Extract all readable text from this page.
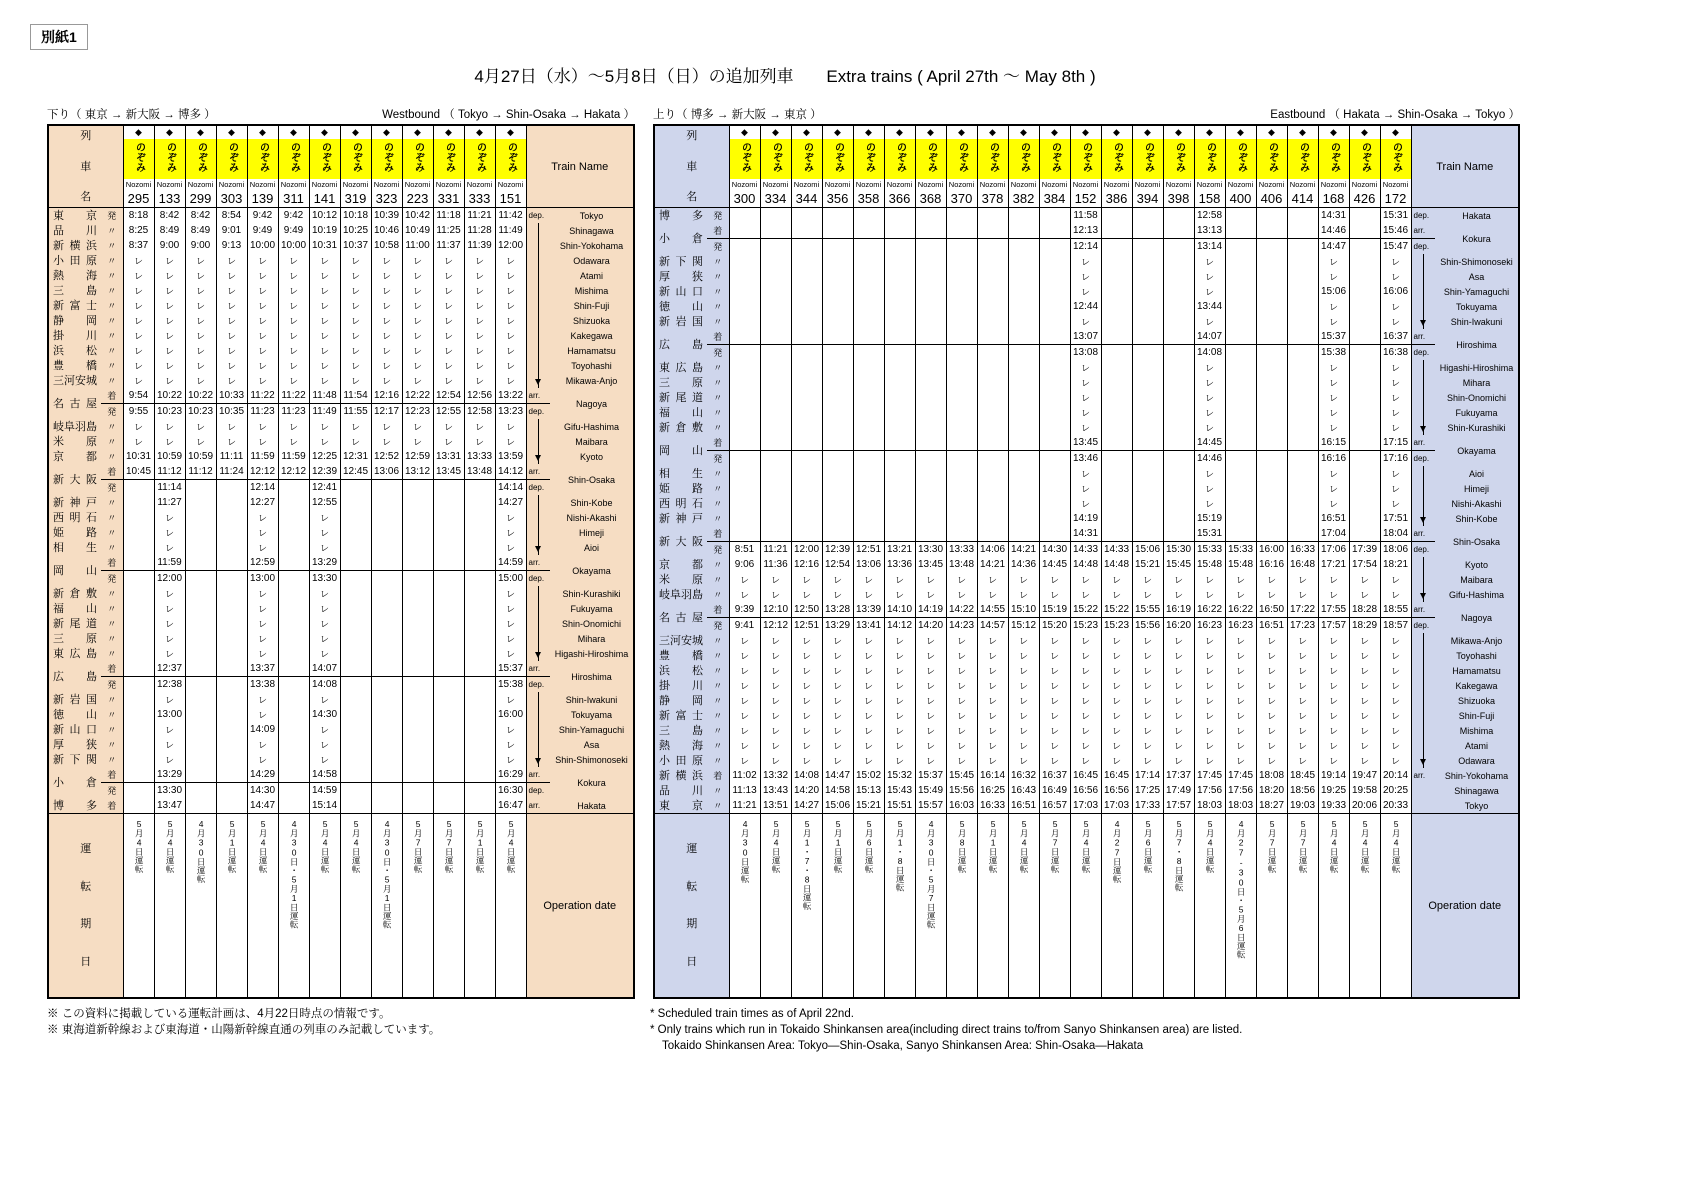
別紙1
4月27日（水）～5月8日（日）の追加列車 Extra trains ( April 27th ～ May 8th )
下り（ 東京 → 新大阪 → 博多 ）	Westbound （ Tokyo → Shin-Osaka → Hakata ）
列
車
名		◆	◆	◆	◆	◆	◆	◆	◆	◆	◆	◆	◆	◆	Train Name	
		のぞみ	のぞみ	のぞみ	のぞみ	のぞみ	のぞみ	のぞみ	のぞみ	のぞみ	のぞみ	のぞみ	のぞみ	のぞみ		
		Nozomi	Nozomi	Nozomi	Nozomi	Nozomi	Nozomi	Nozomi	Nozomi	Nozomi	Nozomi	Nozomi	Nozomi	Nozomi		
		295	133	299	303	139	311	141	319	323	223	331	333	151		

東 京	発	8:18	8:42	8:42	8:54	9:42	9:42	10:12	10:18	10:39	10:42	11:18	11:21	11:42	dep.	Tokyo

品 川	〃	8:25	8:49	8:49	9:01	9:49	9:49	10:19	10:25	10:46	10:49	11:25	11:28	11:49		Shinagawa

新 横 浜	〃	8:37	9:00	9:00	9:13	10:00	10:00	10:31	10:37	10:58	11:00	11:37	11:39	12:00		Shin-Yokohama

小 田 原	〃	レ	レ	レ	レ	レ	レ	レ	レ	レ	レ	レ	レ	レ		Odawara

熱 海	〃	レ	レ	レ	レ	レ	レ	レ	レ	レ	レ	レ	レ	レ		Atami

三 島	〃	レ	レ	レ	レ	レ	レ	レ	レ	レ	レ	レ	レ	レ		Mishima

新 富 士	〃	レ	レ	レ	レ	レ	レ	レ	レ	レ	レ	レ	レ	レ		Shin-Fuji

静 岡	〃	レ	レ	レ	レ	レ	レ	レ	レ	レ	レ	レ	レ	レ		Shizuoka

掛 川	〃	レ	レ	レ	レ	レ	レ	レ	レ	レ	レ	レ	レ	レ		Kakegawa

浜 松	〃	レ	レ	レ	レ	レ	レ	レ	レ	レ	レ	レ	レ	レ		Hamamatsu

豊 橋	〃	レ	レ	レ	レ	レ	レ	レ	レ	レ	レ	レ	レ	レ		Toyohashi

三 河 安 城	〃	レ	レ	レ	レ	レ	レ	レ	レ	レ	レ	レ	レ	レ		Mikawa-Anjo

名 古 屋	着	9:54	10:22	10:22	10:33	11:22	11:22	11:48	11:54	12:16	12:22	12:54	12:56	13:22	arr.	Nagoya
	発	9:55	10:23	10:23	10:35	11:23	11:23	11:49	11:55	12:17	12:23	12:55	12:58	13:23	dep.	

岐 阜 羽 島	〃	レ	レ	レ	レ	レ	レ	レ	レ	レ	レ	レ	レ	レ		Gifu-Hashima

米 原	〃	レ	レ	レ	レ	レ	レ	レ	レ	レ	レ	レ	レ	レ		Maibara

京 都	〃	10:31	10:59	10:59	11:11	11:59	11:59	12:25	12:31	12:52	12:59	13:31	13:33	13:59		Kyoto

新 大 阪	着	10:45	11:12	11:12	11:24	12:12	12:12	12:39	12:45	13:06	13:12	13:45	13:48	14:12	arr.	Shin-Osaka
	発		11:14			12:14		12:41						14:14	dep.	

新 神 戸	〃		11:27			12:27		12:55						14:27		Shin-Kobe

西 明 石	〃		レ			レ		レ						レ		Nishi-Akashi

姫 路	〃		レ			レ		レ						レ		Himeji

相 生	〃		レ			レ		レ						レ		Aioi

岡 山	着		11:59			12:59		13:29						14:59	arr.	Okayama
	発		12:00			13:00		13:30						15:00	dep.	

新 倉 敷	〃		レ			レ		レ						レ		Shin-Kurashiki

福 山	〃		レ			レ		レ						レ		Fukuyama

新 尾 道	〃		レ			レ		レ						レ		Shin-Onomichi

三 原	〃		レ			レ		レ						レ		Mihara

東 広 島	〃		レ			レ		レ						レ		Higashi-Hiroshima

広 島	着		12:37			13:37		14:07						15:37	arr.	Hiroshima
	発		12:38			13:38		14:08						15:38	dep.	

新 岩 国	〃		レ			レ		レ						レ		Shin-Iwakuni

徳 山	〃		13:00			レ		14:30						16:00		Tokuyama

新 山 口	〃		レ			14:09		レ						レ		Shin-Yamaguchi

厚 狭	〃		レ			レ		レ						レ		Asa

新 下 関	〃		レ			レ		レ						レ		Shin-Shimonoseki

小 倉	着		13:29			14:29		14:58						16:29	arr.	Kokura
	発		13:30			14:30		14:59						16:30	dep.	

博 多	着		13:47			14:47		15:14						16:47	arr.	Hakata

運
転
期
日		5月4日運転	5月4日運転	4月30日運転	5月1日運転	5月4日運転	4月30日・5月1日運転	5月4日運転	5月4日運転	4月30日・5月1日運転	5月7日運転	5月7日運転	5月1日運転	5月4日運転	Operation date	
上り（ 博多 → 新大阪 → 東京 ）	Eastbound （ Hakata → Shin-Osaka → Tokyo ）
列
車
名		◆	◆	◆	◆	◆	◆	◆	◆	◆	◆	◆	◆	◆	◆	◆	◆	◆	◆	◆	◆	◆	◆	Train Name	
		のぞみ	のぞみ	のぞみ	のぞみ	のぞみ	のぞみ	のぞみ	のぞみ	のぞみ	のぞみ	のぞみ	のぞみ	のぞみ	のぞみ	のぞみ	のぞみ	のぞみ	のぞみ	のぞみ	のぞみ	のぞみ	のぞみ		
		Nozomi	Nozomi	Nozomi	Nozomi	Nozomi	Nozomi	Nozomi	Nozomi	Nozomi	Nozomi	Nozomi	Nozomi	Nozomi	Nozomi	Nozomi	Nozomi	Nozomi	Nozomi	Nozomi	Nozomi	Nozomi	Nozomi		
		300	334	344	356	358	366	368	370	378	382	384	152	386	394	398	158	400	406	414	168	426	172		

博 多	発												11:58				12:58				14:31		15:31	dep.	Hakata

小 倉	着												12:13				13:13				14:46		15:46	arr.	Kokura
	発												12:14				13:14				14:47		15:47	dep.	

新 下 関	〃												レ				レ				レ		レ		Shin-Shimonoseki

厚 狭	〃												レ				レ				レ		レ		Asa

新 山 口	〃												レ				レ				15:06		16:06		Shin-Yamaguchi

徳 山	〃												12:44				13:44				レ		レ		Tokuyama

新 岩 国	〃												レ				レ				レ		レ		Shin-Iwakuni

広 島	着												13:07				14:07				15:37		16:37	arr.	Hiroshima
	発												13:08				14:08				15:38		16:38	dep.	

東 広 島	〃												レ				レ				レ		レ		Higashi-Hiroshima

三 原	〃												レ				レ				レ		レ		Mihara

新 尾 道	〃												レ				レ				レ		レ		Shin-Onomichi

福 山	〃												レ				レ				レ		レ		Fukuyama

新 倉 敷	〃												レ				レ				レ		レ		Shin-Kurashiki

岡 山	着												13:45				14:45				16:15		17:15	arr.	Okayama
	発												13:46				14:46				16:16		17:16	dep.	

相 生	〃												レ				レ				レ		レ		Aioi

姫 路	〃												レ				レ				レ		レ		Himeji

西 明 石	〃												レ				レ				レ		レ		Nishi-Akashi

新 神 戸	〃												14:19				15:19				16:51		17:51		Shin-Kobe

新 大 阪	着												14:31				15:31				17:04		18:04	arr.	Shin-Osaka
	発	8:51	11:21	12:00	12:39	12:51	13:21	13:30	13:33	14:06	14:21	14:30	14:33	14:33	15:06	15:30	15:33	15:33	16:00	16:33	17:06	17:39	18:06	dep.	

京 都	〃	9:06	11:36	12:16	12:54	13:06	13:36	13:45	13:48	14:21	14:36	14:45	14:48	14:48	15:21	15:45	15:48	15:48	16:16	16:48	17:21	17:54	18:21		Kyoto

米 原	〃	レ	レ	レ	レ	レ	レ	レ	レ	レ	レ	レ	レ	レ	レ	レ	レ	レ	レ	レ	レ	レ	レ		Maibara

岐 阜 羽 島	〃	レ	レ	レ	レ	レ	レ	レ	レ	レ	レ	レ	レ	レ	レ	レ	レ	レ	レ	レ	レ	レ	レ		Gifu-Hashima

名 古 屋	着	9:39	12:10	12:50	13:28	13:39	14:10	14:19	14:22	14:55	15:10	15:19	15:22	15:22	15:55	16:19	16:22	16:22	16:50	17:22	17:55	18:28	18:55	arr.	Nagoya
	発	9:41	12:12	12:51	13:29	13:41	14:12	14:20	14:23	14:57	15:12	15:20	15:23	15:23	15:56	16:20	16:23	16:23	16:51	17:23	17:57	18:29	18:57	dep.	

三 河 安 城	〃	レ	レ	レ	レ	レ	レ	レ	レ	レ	レ	レ	レ	レ	レ	レ	レ	レ	レ	レ	レ	レ	レ		Mikawa-Anjo

豊 橋	〃	レ	レ	レ	レ	レ	レ	レ	レ	レ	レ	レ	レ	レ	レ	レ	レ	レ	レ	レ	レ	レ	レ		Toyohashi

浜 松	〃	レ	レ	レ	レ	レ	レ	レ	レ	レ	レ	レ	レ	レ	レ	レ	レ	レ	レ	レ	レ	レ	レ		Hamamatsu

掛 川	〃	レ	レ	レ	レ	レ	レ	レ	レ	レ	レ	レ	レ	レ	レ	レ	レ	レ	レ	レ	レ	レ	レ		Kakegawa

静 岡	〃	レ	レ	レ	レ	レ	レ	レ	レ	レ	レ	レ	レ	レ	レ	レ	レ	レ	レ	レ	レ	レ	レ		Shizuoka

新 富 士	〃	レ	レ	レ	レ	レ	レ	レ	レ	レ	レ	レ	レ	レ	レ	レ	レ	レ	レ	レ	レ	レ	レ		Shin-Fuji

三 島	〃	レ	レ	レ	レ	レ	レ	レ	レ	レ	レ	レ	レ	レ	レ	レ	レ	レ	レ	レ	レ	レ	レ		Mishima

熱 海	〃	レ	レ	レ	レ	レ	レ	レ	レ	レ	レ	レ	レ	レ	レ	レ	レ	レ	レ	レ	レ	レ	レ		Atami

小 田 原	〃	レ	レ	レ	レ	レ	レ	レ	レ	レ	レ	レ	レ	レ	レ	レ	レ	レ	レ	レ	レ	レ	レ		Odawara

新 横 浜	着	11:02	13:32	14:08	14:47	15:02	15:32	15:37	15:45	16:14	16:32	16:37	16:45	16:45	17:14	17:37	17:45	17:45	18:08	18:45	19:14	19:47	20:14	arr.	Shin-Yokohama

品 川	〃	11:13	13:43	14:20	14:58	15:13	15:43	15:49	15:56	16:25	16:43	16:49	16:56	16:56	17:25	17:49	17:56	17:56	18:20	18:56	19:25	19:58	20:25		Shinagawa

東 京	〃	11:21	13:51	14:27	15:06	15:21	15:51	15:57	16:03	16:33	16:51	16:57	17:03	17:03	17:33	17:57	18:03	18:03	18:27	19:03	19:33	20:06	20:33		Tokyo

運
転
期
日		4月30日運転	5月4日運転	5月1・7・8日運転	5月1日運転	5月6日運転	5月1・8日運転	4月30日・5月7日運転	5月8日運転	5月1日運転	5月4日運転	5月7日運転	5月4日運転	4月27日運転	5月6日運転	5月7・8日運転	5月4日運転	4月27-30日・5月6日運転	5月7日運転	5月7日運転	5月4日運転	5月4日運転	5月4日運転	Operation date	
※ この資料に掲載している運転計画は、4月22日時点の情報です。
※ 東海道新幹線および東海道・山陽新幹線直通の列車のみ記載しています。
* Scheduled train times as of April 22nd.
* Only trains which run in Tokaido Shinkansen area(including direct trains to/from Sanyo Shinkansen area) are listed.
Tokaido Shinkansen Area: Tokyo—Shin-Osaka, Sanyo Shinkansen Area: Shin-Osaka—Hakata
